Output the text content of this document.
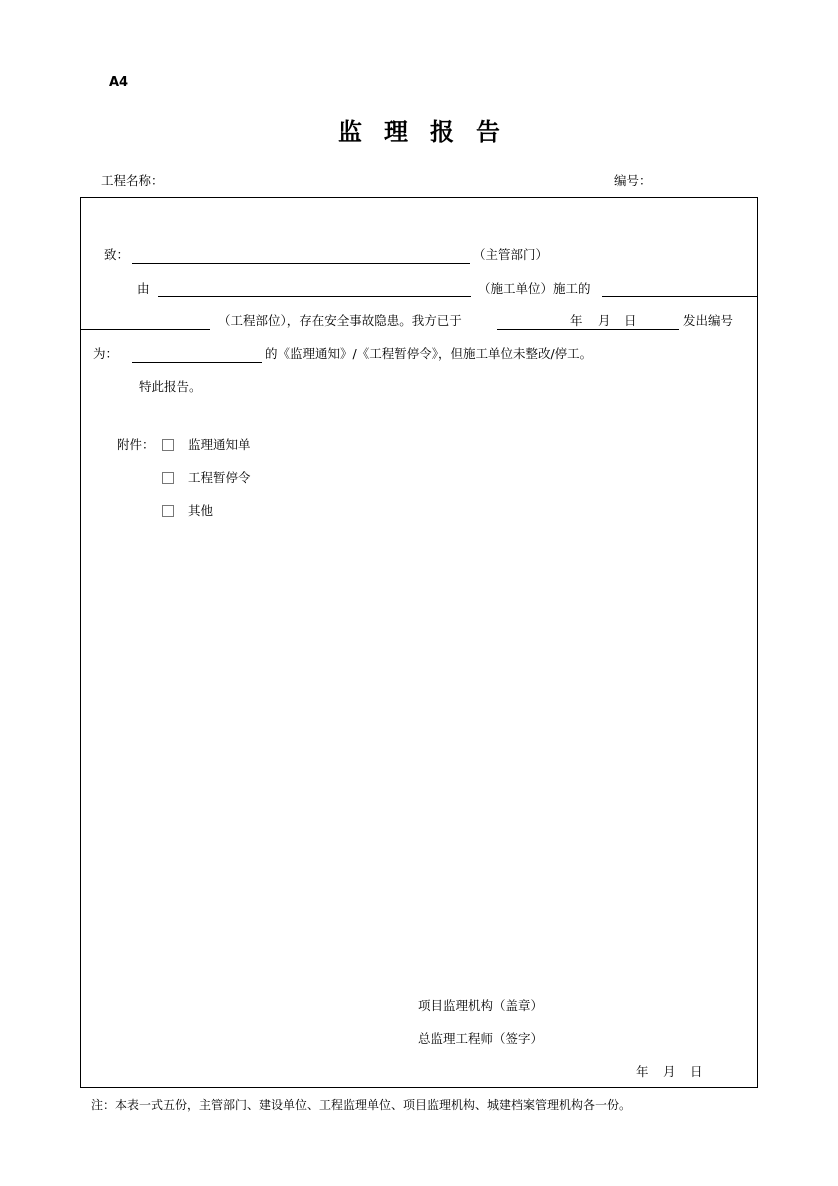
A4
监理报告
工程名称：	编号：
致：	（主管部门）
由	（施工单位）施工的
（工程部位），存在安全事故隐患。我方已于	年 月 日	发出编号
为：	的《监理通知》/《工程暂停令》，但施工单位未整改/停工。
特此报告。
附件：	监理通知单
工程暂停令
其他
项目监理机构（盖章）
总监理工程师（签字）
年 月 日
注：本表一式五份，主管部门、建设单位、工程监理单位、项目监理机构、城建档案管理机构各一份。
